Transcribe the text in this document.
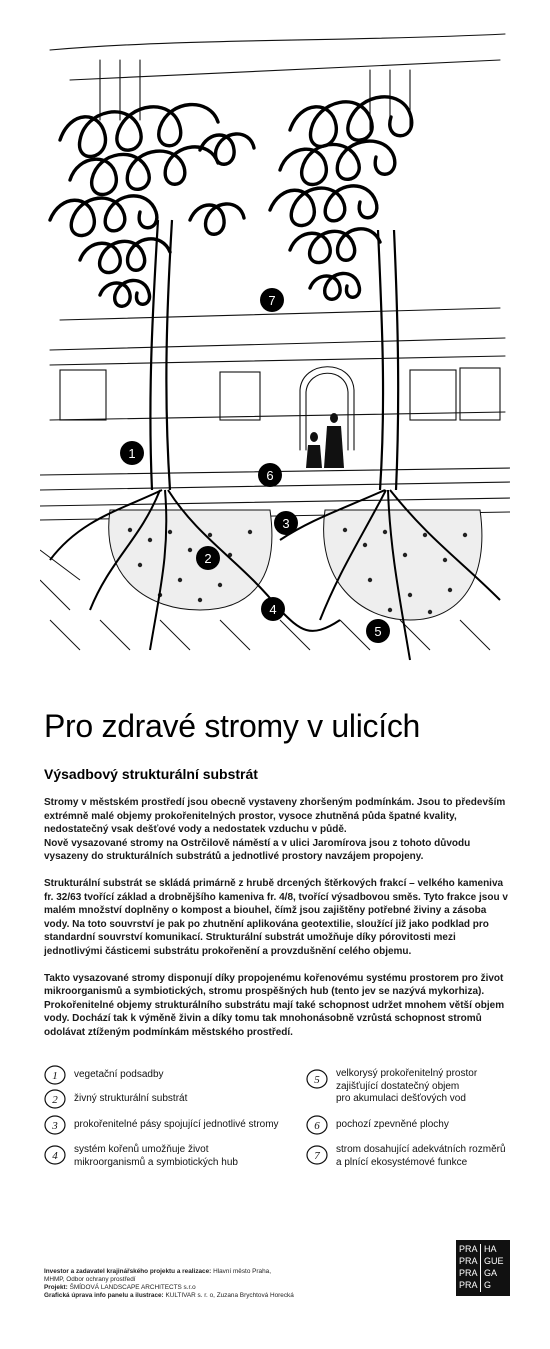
1
2
3
4
5
6
7
Pro zdravé stromy v ulicích
Výsadbový strukturální substrát

Stromy v městském prostředí jsou obecně vystaveny zhoršeným podmínkám. Jsou to především extrémně malé objemy prokořenitelných prostor, vysoce zhutněná půda špatné kvality, nedostatečný vsak dešťové vody a nedostatek vzduchu v půdě.

Nově vysazované stromy na Ostrčilově náměstí a v ulici Jaromírova jsou z tohoto důvodu vysazeny do strukturálních substrátů a jednotlivé prostory navzájem propojeny.

Strukturální substrát se skládá primárně z hrubě drcených štěrkových frakcí – velkého kameniva fr. 32/63 tvořící základ a drobnějšího kameniva fr. 4/8, tvořící výsadbovou směs. Tyto frakce jsou v malém množství doplněny o kompost a biouhel, čímž jsou zajištěny potřebné živiny a zásoba vody. Na toto souvrství je pak po zhutnění aplikována geotextilie, sloužící již jako podklad pro standardní souvrství komunikací. Strukturální substrát umožňuje díky pórovitosti mezi jednotlivými částicemi substrátu prokořenění a provzdušnění celého objemu.

Takto vysazované stromy disponují díky propojenému kořenovému systému prostorem pro život mikroorganismů a symbiotických, stromu prospěšných hub (tento jev se nazývá mykorhiza). Prokořenitelné objemy strukturálního substrátu mají také schopnost udržet mnohem větší objem vody. Dochází tak k výměně živin a díky tomu tak mnohonásobně vzrůstá schopnost stromů odolávat ztíženým podmínkám městského prostředí.

1 vegetační podsadby
2 živný strukturální substrát
3 prokořenitelné pásy spojující jednotlivé stromy
4
systém kořenů umožňuje život
mikroorganismů a symbiotických hub
5
velkorysý prokořenitelný prostor
zajišťující dostatečný objem
pro akumulaci dešťových vod
6 pochozí zpevněné plochy
7
strom dosahující adekvátních rozměrů
a plnící ekosystémové funkce
Investor a zadavatel krajinářského projektu a realizace: Hlavní město Praha,
MHMP, Odbor ochrany prostředí
Projekt: ŠMÍDOVÁ LANDSCAPE ARCHITECTS s.r.o
Grafická úprava info panelu a ilustrace: KULTIVAR s. r. o, Zuzana Brychtová Horecká
PRA HA
PRA GUE
PRA GA
PRA G
